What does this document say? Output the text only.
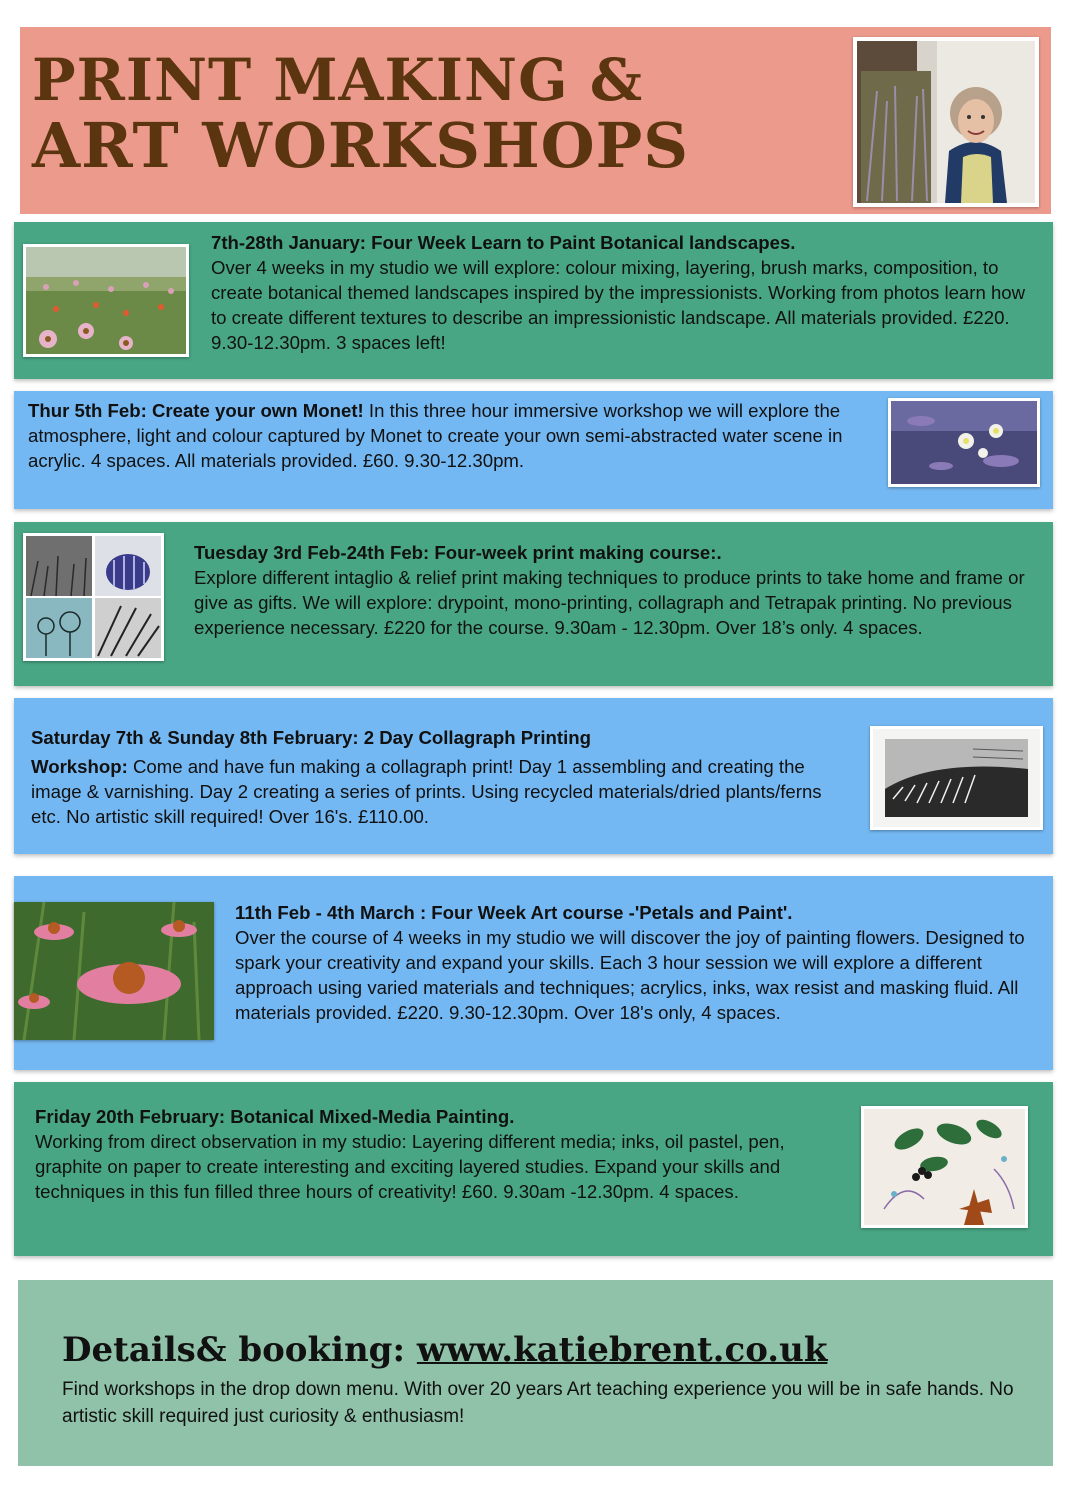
PRINT MAKING &
ART WORKSHOPS
7th-28th January: Four Week Learn to Paint Botanical landscapes.
Over 4 weeks in my studio we will explore: colour mixing, layering, brush marks, composition, to create botanical themed landscapes inspired by the impressionists. Working from photos learn how to create different textures to describe an impressionistic landscape. All materials provided. £220. 9.30-12.30pm. 3 spaces left!
Thur 5th Feb: Create your own Monet! In this three hour immersive workshop we will explore the atmosphere, light and colour captured by Monet to create your own semi-abstracted water scene in acrylic. 4 spaces. All materials provided. £60. 9.30-12.30pm.
Tuesday 3rd Feb-24th Feb: Four-week print making course:.
Explore different intaglio & relief print making techniques to produce prints to take home and frame or give as gifts. We will explore: drypoint, mono-printing, collagraph and Tetrapak printing. No previous experience necessary. £220 for the course. 9.30am - 12.30pm. Over 18’s only. 4 spaces.
Saturday 7th & Sunday 8th February: 2 Day Collagraph Printing
Workshop: Come and have fun making a collagraph print! Day 1 assembling and creating the image & varnishing. Day 2 creating a series of prints. Using recycled materials/dried plants/ferns etc. No artistic skill required! Over 16's. £110.00.
11th Feb - 4th March : Four Week Art course -'Petals and Paint'.
Over the course of 4 weeks in my studio we will discover the joy of painting flowers. Designed to spark your creativity and expand your skills. Each 3 hour session we will explore a different approach using varied materials and techniques; acrylics, inks, wax resist and masking fluid. All materials provided. £220. 9.30-12.30pm. Over 18's only, 4 spaces.
Friday 20th February: Botanical Mixed-Media Painting.
Working from direct observation in my studio: Layering different media; inks, oil pastel, pen, graphite on paper to create interesting and exciting layered studies. Expand your skills and techniques in this fun filled three hours of creativity! £60. 9.30am -12.30pm. 4 spaces.
Details& booking: www.katiebrent.co.uk
Find workshops in the drop down menu. With over 20 years Art teaching experience you will be in safe hands. No artistic skill required just curiosity & enthusiasm!
